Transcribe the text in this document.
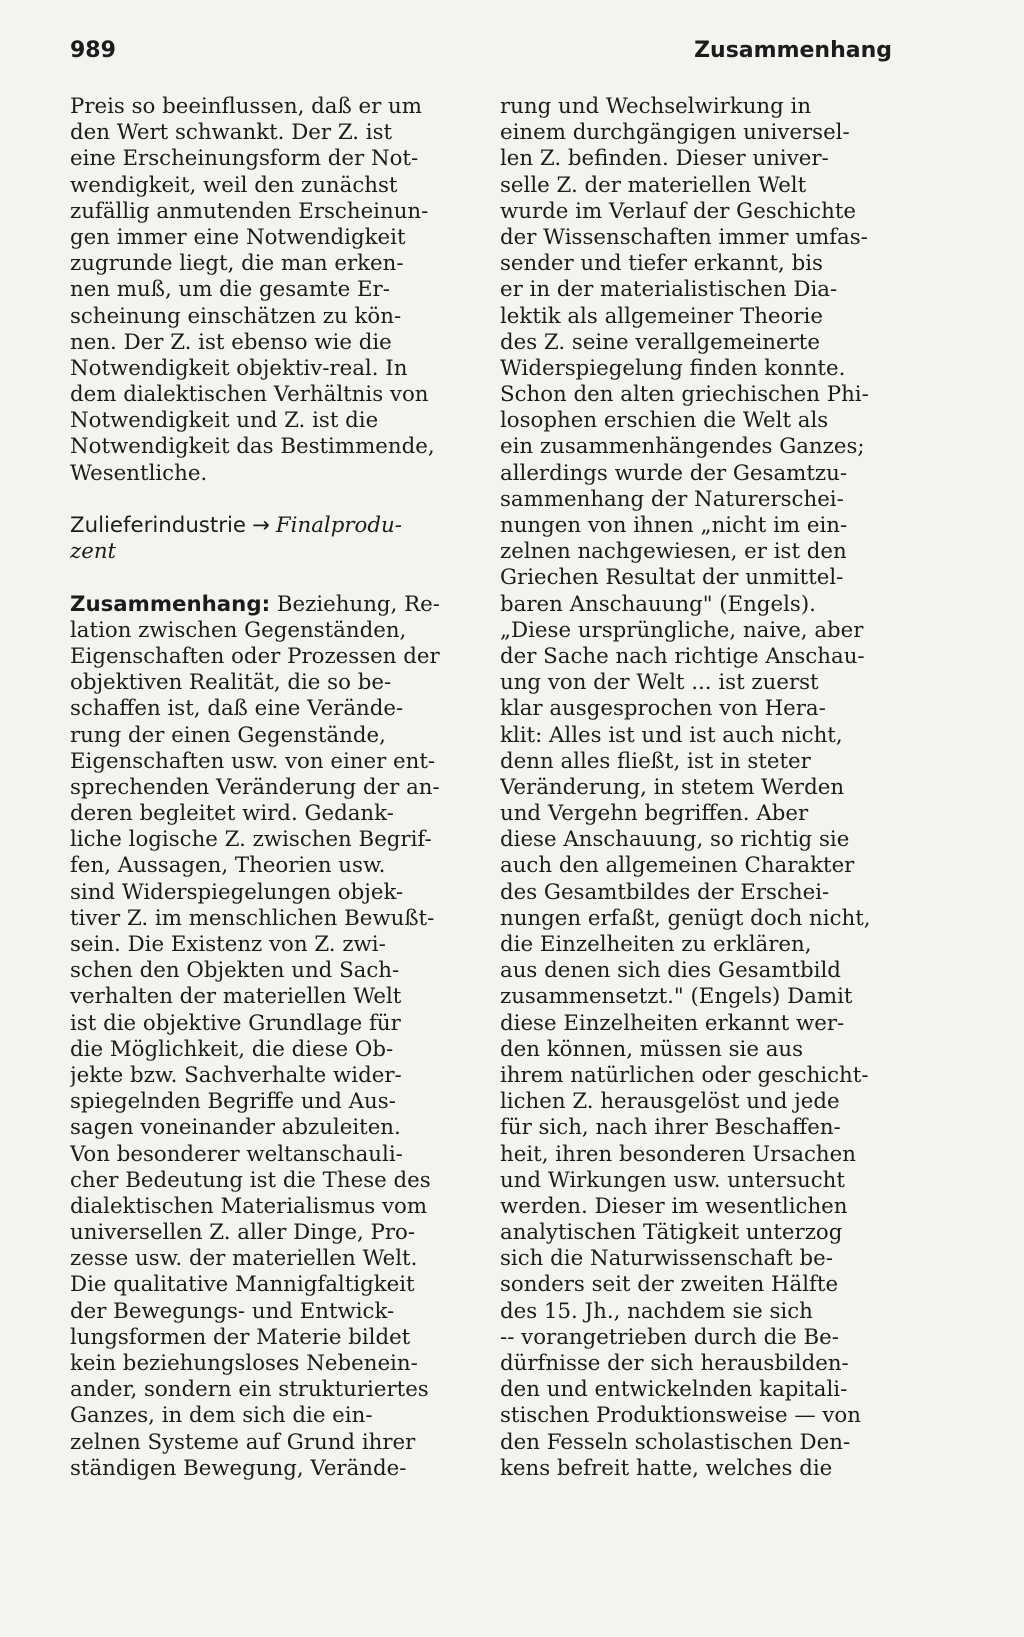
989	Zusammenhang
Preis so beeinflussen, daß er um
den Wert schwankt. Der Z. ist
eine Erscheinungsform der Not-
wendigkeit, weil den zunächst
zufällig anmutenden Erscheinun-
gen immer eine Notwendigkeit
zugrunde liegt, die man erken-
nen muß, um die gesamte Er-
scheinung einschätzen zu kön-
nen. Der Z. ist ebenso wie die
Notwendigkeit objektiv-real. In
dem dialektischen Verhältnis von
Notwendigkeit und Z. ist die
Notwendigkeit das Bestimmende,
Wesentliche.
Zulieferindustrie → Finalprodu-
zent
Zusammenhang: Beziehung, Re-
lation zwischen Gegenständen,
Eigenschaften oder Prozessen der
objektiven Realität, die so be-
schaffen ist, daß eine Verände-
rung der einen Gegenstände,
Eigenschaften usw. von einer ent-
sprechenden Veränderung der an-
deren begleitet wird. Gedank-
liche logische Z. zwischen Begrif-
fen, Aussagen, Theorien usw.
sind Widerspiegelungen objek-
tiver Z. im menschlichen Bewußt-
sein. Die Existenz von Z. zwi-
schen den Objekten und Sach-
verhalten der materiellen Welt
ist die objektive Grundlage für
die Möglichkeit, die diese Ob-
jekte bzw. Sachverhalte wider-
spiegelnden Begriffe und Aus-
sagen voneinander abzuleiten.
Von besonderer weltanschauli-
cher Bedeutung ist die These des
dialektischen Materialismus vom
universellen Z. aller Dinge, Pro-
zesse usw. der materiellen Welt.
Die qualitative Mannigfaltigkeit
der Bewegungs- und Entwick-
lungsformen der Materie bildet
kein beziehungsloses Nebenein-
ander, sondern ein strukturiertes
Ganzes, in dem sich die ein-
zelnen Systeme auf Grund ihrer
ständigen Bewegung, Verände-
rung und Wechselwirkung in
einem durchgängigen universel-
len Z. befinden. Dieser univer-
selle Z. der materiellen Welt
wurde im Verlauf der Geschichte
der Wissenschaften immer umfas-
sender und tiefer erkannt, bis
er in der materialistischen Dia-
lektik als allgemeiner Theorie
des Z. seine verallgemeinerte
Widerspiegelung finden konnte.
Schon den alten griechischen Phi-
losophen erschien die Welt als
ein zusammenhängendes Ganzes;
allerdings wurde der Gesamtzu-
sammenhang der Naturerschei-
nungen von ihnen „nicht im ein-
zelnen nachgewiesen, er ist den
Griechen Resultat der unmittel-
baren Anschauung" (Engels).
„Diese ursprüngliche, naive, aber
der Sache nach richtige Anschau-
ung von der Welt ... ist zuerst
klar ausgesprochen von Hera-
klit: Alles ist und ist auch nicht,
denn alles fließt, ist in steter
Veränderung, in stetem Werden
und Vergehn begriffen. Aber
diese Anschauung, so richtig sie
auch den allgemeinen Charakter
des Gesamtbildes der Erschei-
nungen erfaßt, genügt doch nicht,
die Einzelheiten zu erklären,
aus denen sich dies Gesamtbild
zusammensetzt." (Engels) Damit
diese Einzelheiten erkannt wer-
den können, müssen sie aus
ihrem natürlichen oder geschicht-
lichen Z. herausgelöst und jede
für sich, nach ihrer Beschaffen-
heit, ihren besonderen Ursachen
und Wirkungen usw. untersucht
werden. Dieser im wesentlichen
analytischen Tätigkeit unterzog
sich die Naturwissenschaft be-
sonders seit der zweiten Hälfte
des 15. Jh., nachdem sie sich
-- vorangetrieben durch die Be-
dürfnisse der sich herausbilden-
den und entwickelnden kapitali-
stischen Produktionsweise — von
den Fesseln scholastischen Den-
kens befreit hatte, welches die
